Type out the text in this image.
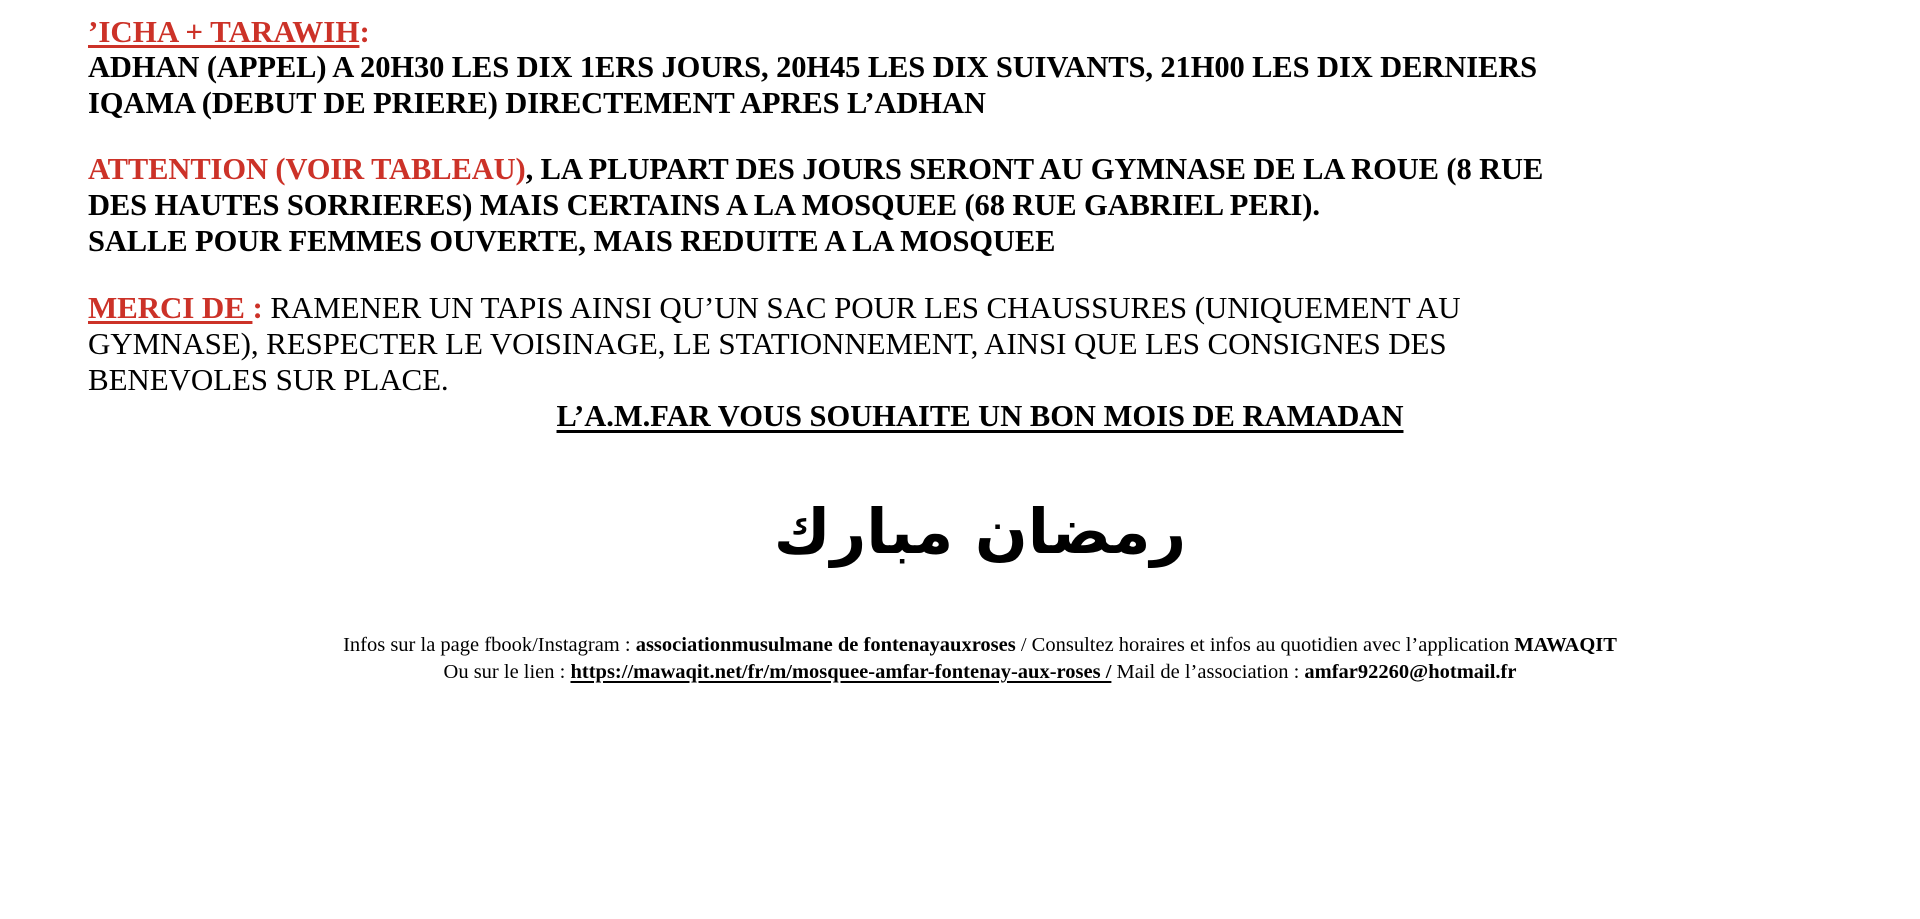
’ICHA + TARAWIH:
ADHAN (APPEL) A 20H30 LES DIX 1ERS JOURS, 20H45 LES DIX SUIVANTS, 21H00 LES DIX DERNIERS
IQAMA (DEBUT DE PRIERE) DIRECTEMENT APRES L’ADHAN
ATTENTION (VOIR TABLEAU), LA PLUPART DES JOURS SERONT AU GYMNASE DE LA ROUE (8 RUE
DES HAUTES SORRIERES) MAIS CERTAINS A LA MOSQUEE (68 RUE GABRIEL PERI).
SALLE POUR FEMMES OUVERTE, MAIS REDUITE A LA MOSQUEE
MERCI DE : RAMENER UN TAPIS AINSI QU’UN SAC POUR LES CHAUSSURES (UNIQUEMENT AU
GYMNASE), RESPECTER LE VOISINAGE, LE STATIONNEMENT, AINSI QUE LES CONSIGNES DES
BENEVOLES SUR PLACE.
L’A.M.FAR VOUS SOUHAITE UN BON MOIS DE RAMADAN
رمضان مبارك
Infos sur la page fbook/Instagram : associationmusulmane de fontenayauxroses / Consultez horaires et infos au quotidien avec l’application MAWAQIT
Ou sur le lien : https://mawaqit.net/fr/m/mosquee-amfar-fontenay-aux-roses / Mail de l’association : amfar92260@hotmail.fr
